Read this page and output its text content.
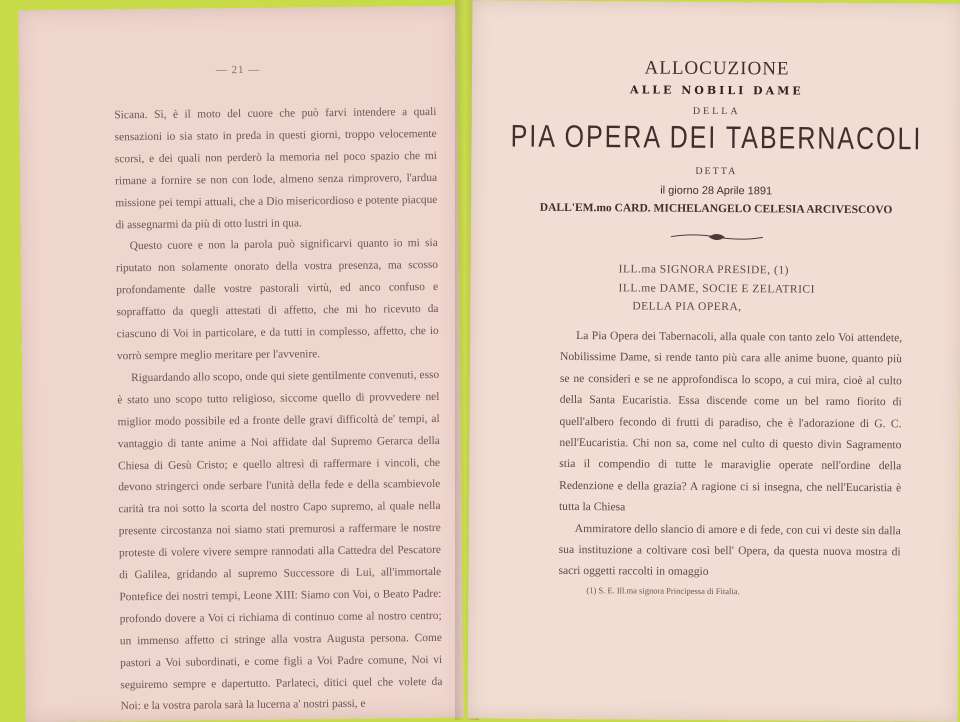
— 21 —

Sicana. Sì, è il moto del cuore che può farvi intendere a quali sensazioni io sia stato in preda in questi giorni, troppo velocemente scorsi, e dei quali non perderò la memoria nel poco spazio che mi rimane a fornire se non con lode, almeno senza rimprovero, l'ardua missione pei tempi attuali, che a Dio misericordioso e potente piacque di assegnarmi da più di otto lustri in qua.

Questo cuore e non la parola può significarvi quanto io mi sia riputato non solamente onorato della vostra presenza, ma scosso profondamente dalle vostre pastorali virtù, ed anco confuso e sopraffatto da quegli attestati di affetto, che mi ho ricevuto da ciascuno di Voi in particolare, e da tutti in complesso, affetto, che io vorrò sempre meglio meritare per l'avvenire.

Riguardando allo scopo, onde qui siete gentilmente convenuti, esso è stato uno scopo tutto religioso, siccome quello di provvedere nel miglior modo possibile ed a fronte delle gravi difficoltà de' tempi, al vantaggio di tante anime a Noi affidate dal Supremo Gerarca della Chiesa di Gesù Cristo; e quello altresì di raffermare i vincoli, che devono stringerci onde serbare l'unità della fede e della scambievole carità tra noi sotto la scorta del nostro Capo supremo, al quale nella presente circostanza noi siamo stati premurosi a raffermare le nostre proteste di volere vivere sempre rannodati alla Cattedra del Pescatore di Galilea, gridando al supremo Successore di Lui, all'immortale Pontefice dei nostri tempi, Leone XIII: Siamo con Voi, o Beato Padre: profondo dovere a Voi ci richiama di continuo come al nostro centro; un immenso affetto ci stringe alla vostra Augusta persona. Come pastori a Voi subordinati, e come figli a Voi Padre comune, Noi vi seguiremo sempre e dapertutto. Parlateci, ditici quel che volete da Noi: e la vostra parola sarà la lucerna a' nostri passi, e

ALLOCUZIONE
ALLE NOBILI DAME
DELLA
PIA OPERA DEI TABERNACOLI
DETTA
il giorno 28 Aprile 1891
DALL'EM.mo CARD. MICHELANGELO CELESIA ARCIVESCOVO
ILL.ma SIGNORA PRESIDE, (1)
ILL.me DAME, SOCIE E ZELATRICI
DELLA PIA OPERA,

La Pia Opera dei Tabernacoli, alla quale con tanto zelo Voi attendete, Nobilissime Dame, si rende tanto più cara alle anime buone, quanto più se ne consideri e se ne approfondisca lo scopo, a cui mira, cioè al culto della Santa Eucaristia. Essa discende come un bel ramo fiorito di quell'albero fecondo di frutti di paradiso, che è l'adorazione di G. C. nell'Eucaristia. Chi non sa, come nel culto di questo divin Sagramento stia il compendio di tutte le maraviglie operate nell'ordine della Redenzione e della grazia? A ragione ci si insegna, che nell'Eucaristia è tutta la Chiesa

Ammiratore dello slancio di amore e di fede, con cui vi deste sin dalla sua instituzione a coltivare così bell' Opera, da questa nuova mostra di sacri oggetti raccolti in omaggio

(1) S. E. Ill.ma signora Principessa di Fitalia.
